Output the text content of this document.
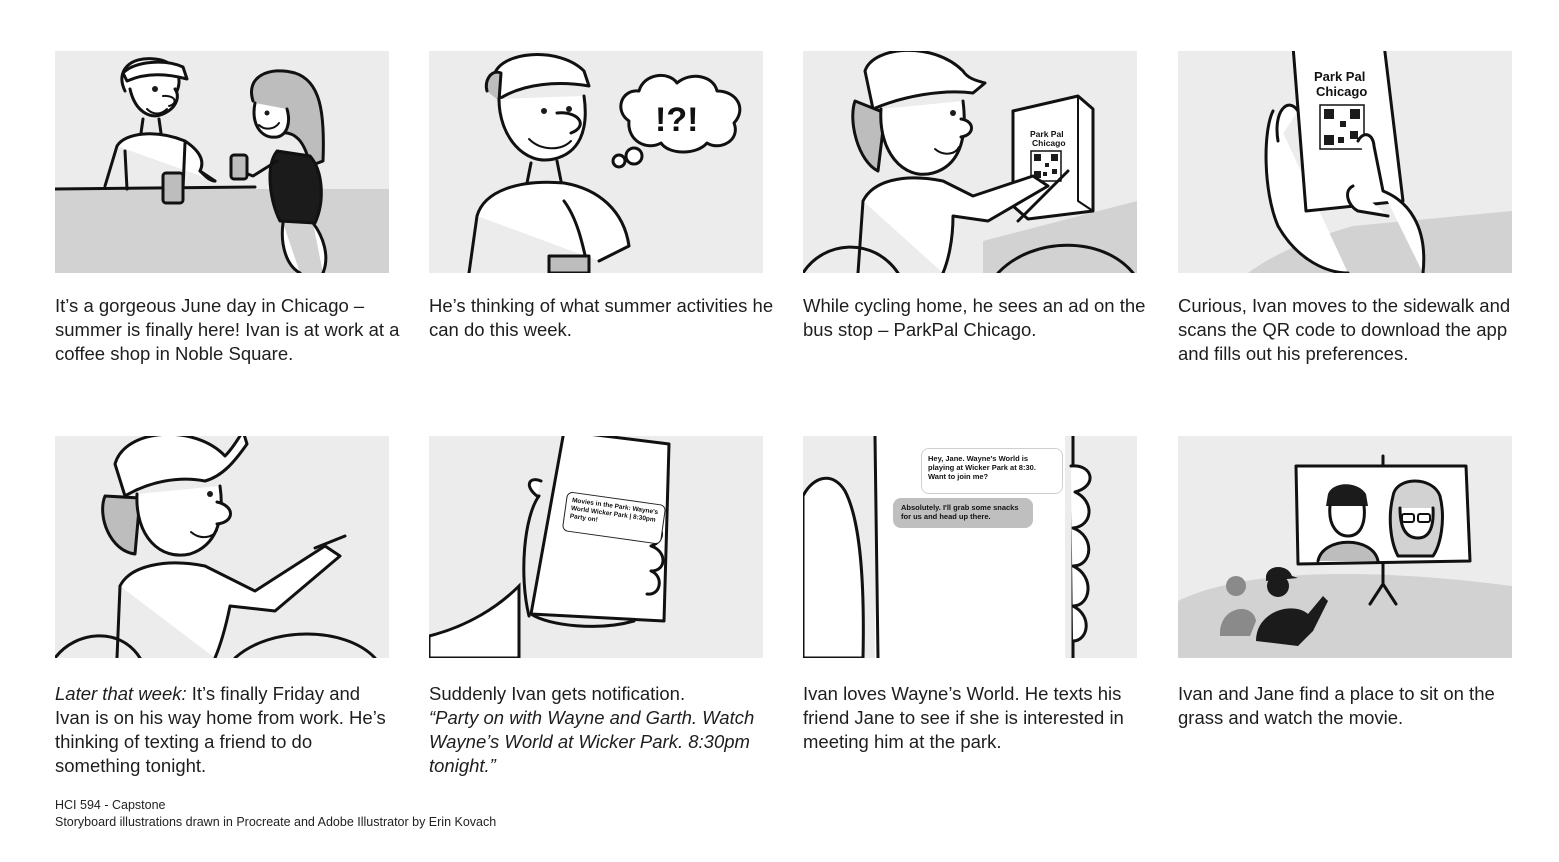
It’s a gorgeous June day in Chicago – summer is finally here! Ivan is at work at a coffee shop in Noble Square.

!?!

He’s thinking of what summer activities he can do this week.

Park Pal
Chicago

While cycling home, he sees an ad on the bus stop – ParkPal Chicago.

Park Pal
Chicago

Curious, Ivan moves to the sidewalk and scans the QR code to download the app and fills out his preferences.

Later that week: It’s finally Friday and Ivan is on his way home from work. He’s thinking of texting a friend to do something tonight.

Movies in the Park: Wayne's World Wicker Park | 8:30pm Party on!

Suddenly Ivan gets notification.
“Party on with Wayne and Garth. Watch Wayne’s World at Wicker Park. 8:30pm tonight.”

Hey, Jane. Wayne's World is playing at Wicker Park at 8:30. Want to join me?
Absolutely. I'll grab some snacks for us and head up there.

Ivan loves Wayne’s World. He texts his friend Jane to see if she is interested in meeting him at the park.

Ivan and Jane find a place to sit on the grass and watch the movie.

HCI 594 - Capstone
Storyboard illustrations drawn in Procreate and Adobe Illustrator by Erin Kovach
